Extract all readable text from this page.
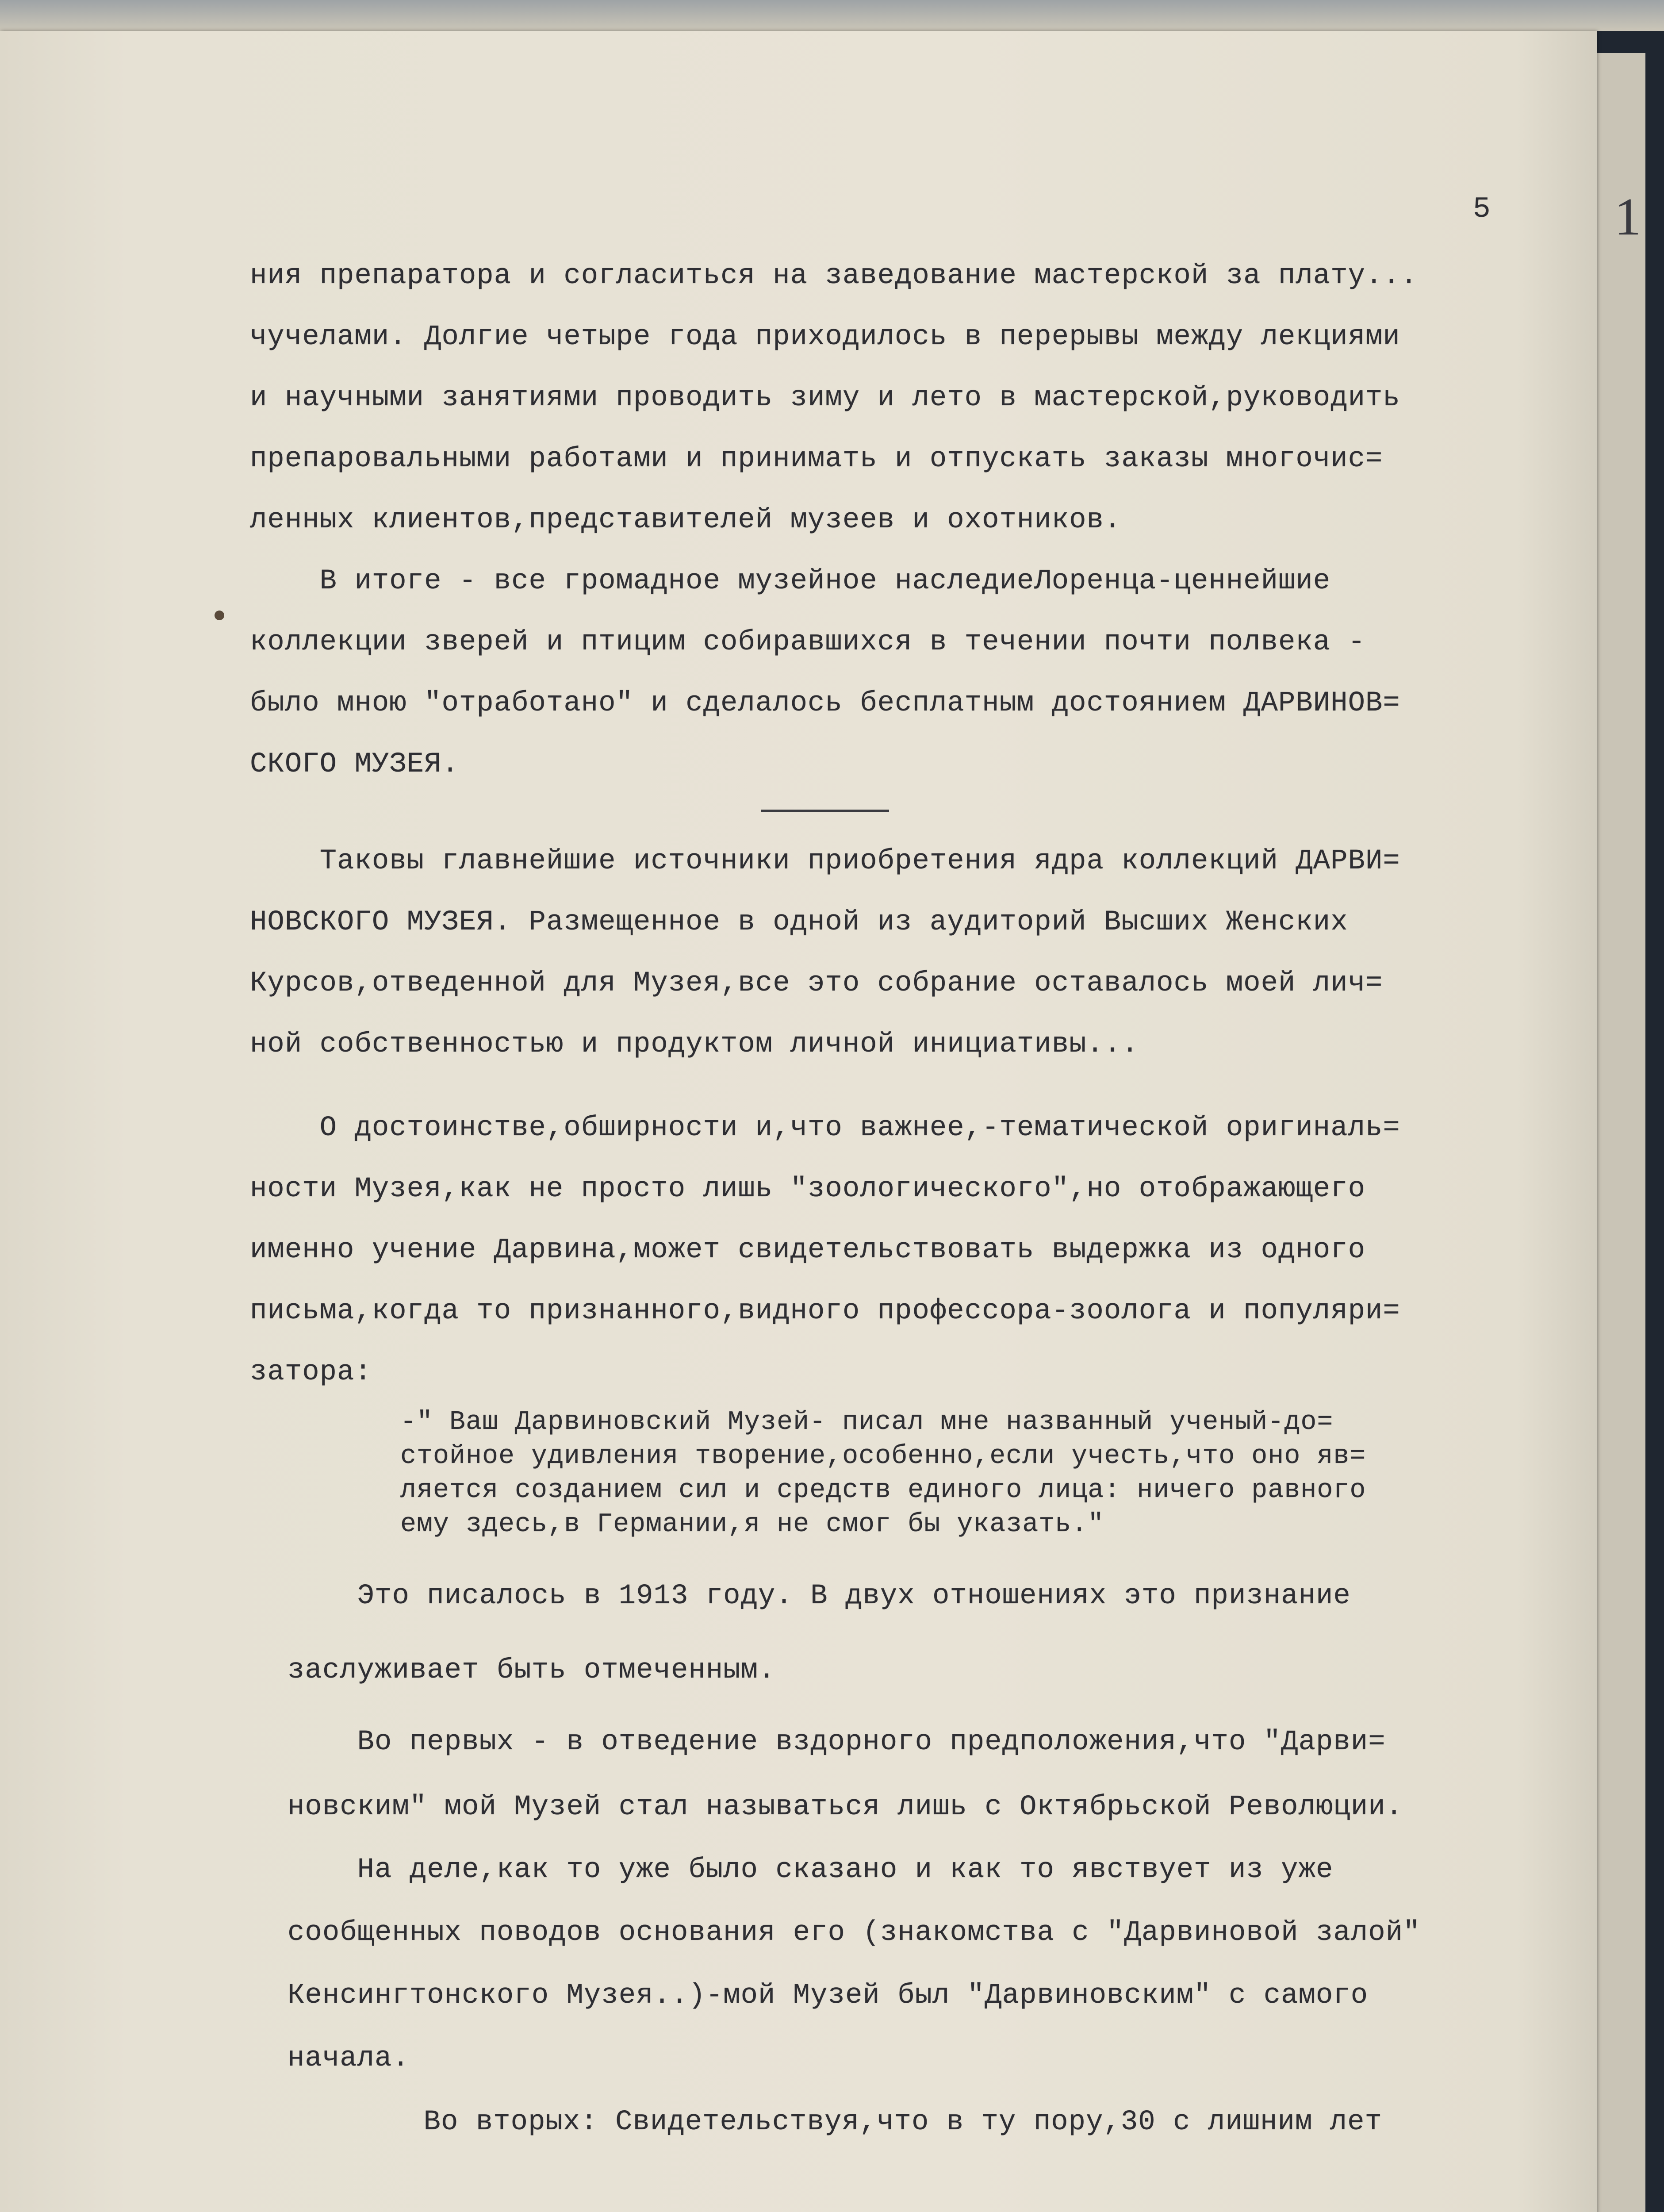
5 1
ния препаратора и согласиться на заведование мастерской за плату...
чучелами. Долгие четыре года приходилось в перерывы между лекциями
и научными занятиями проводить зиму и лето в мастерской,руководить
препаровальными работами и принимать и отпускать заказы многочис=
ленных клиентов,представителей музеев и охотников.
В итоге - все громадное музейное наследиеЛоренца-ценнейшие
коллекции зверей и птицим собиравшихся в течении почти полвека -
было мною "отработано" и сделалось бесплатным достоянием ДАРВИНОВ=
СКОГО МУЗЕЯ.
Таковы главнейшие источники приобретения ядра коллекций ДАРВИ=
НОВСКОГО МУЗЕЯ. Размещенное в одной из аудиторий Высших Женских
Курсов,отведенной для Музея,все это собрание оставалось моей лич=
ной собственностью и продуктом личной инициативы...
О достоинстве,обширности и,что важнее,-тематической оригиналь=
ности Музея,как не просто лишь "зоологического",но отображающего
именно учение Дарвина,может свидетельствовать выдержка из одного
письма,когда то признанного,видного профессора-зоолога и популяри=
затора:
-" Ваш Дарвиновский Музей- писал мне названный ученый-до=
стойное удивления творение,особенно,если учесть,что оно яв=
ляется созданием сил и средств единого лица: ничего равного
ему здесь,в Германии,я не смог бы указать."
Это писалось в 1913 году. В двух отношениях это признание
заслуживает быть отмеченным.
Во первых - в отведение вздорного предположения,что "Дарви=
новским" мой Музей стал называться лишь с Октябрьской Революции.
На деле,как то уже было сказано и как то явствует из уже
сообщенных поводов основания его (знакомства с "Дарвиновой залой"
Кенсингтонского Музея..)-мой Музей был "Дарвиновским" с самого
начала.
Во вторых: Свидетельствуя,что в ту пору,30 с лишним лет
